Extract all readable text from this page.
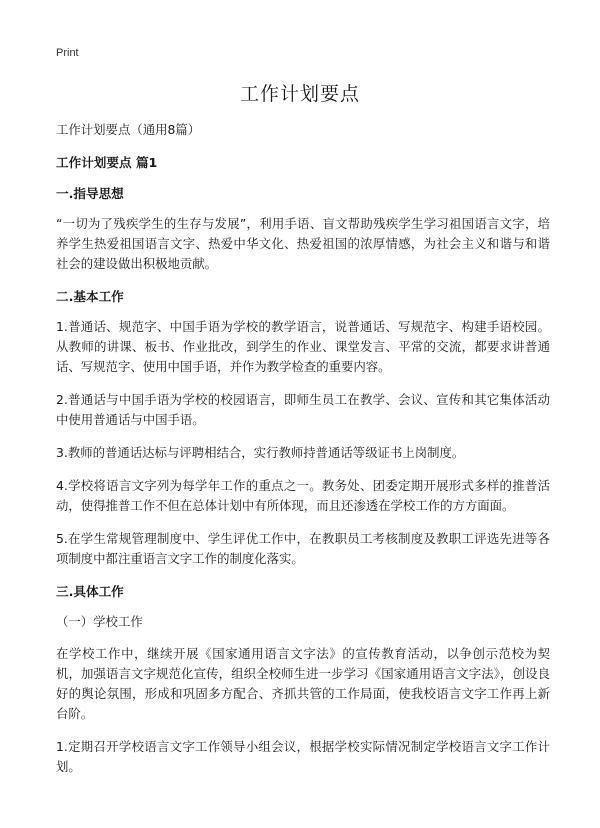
Print
工作计划要点

工作计划要点（通用8篇）

工作计划要点 篇1

一.指导思想

“一切为了残疾学生的生存与发展”，利用手语、盲文帮助残疾学生学习祖国语言文字，培养学生热爱祖国语言文字、热爱中华文化、热爱祖国的浓厚情感，为社会主义和谐与和谐社会的建设做出积极地贡献。

二.基本工作

1.普通话、规范字、中国手语为学校的教学语言，说普通话、写规范字、构建手语校园。从教师的讲课、板书、作业批改，到学生的作业、课堂发言、平常的交流，都要求讲普通话、写规范字、使用中国手语，并作为教学检查的重要内容。

2.普通话与中国手语为学校的校园语言，即师生员工在教学、会议、宣传和其它集体活动中使用普通话与中国手语。

3.教师的普通话达标与评聘相结合，实行教师持普通话等级证书上岗制度。

4.学校将语言文字列为每学年工作的重点之一。教务处、团委定期开展形式多样的推普活动，使得推普工作不但在总体计划中有所体现，而且还渗透在学校工作的方方面面。

5.在学生常规管理制度中、学生评优工作中，在教职员工考核制度及教职工评选先进等各项制度中都注重语言文字工作的制度化落实。

三.具体工作

（一）学校工作

在学校工作中，继续开展《国家通用语言文字法》的宣传教育活动，以争创示范校为契机，加强语言文字规范化宣传，组织全校师生进一步学习《国家通用语言文字法》，创设良好的舆论氛围，形成和巩固多方配合、齐抓共管的工作局面，使我校语言文字工作再上新台阶。

1.定期召开学校语言文字工作领导小组会议，根据学校实际情况制定学校语言文字工作计划。
